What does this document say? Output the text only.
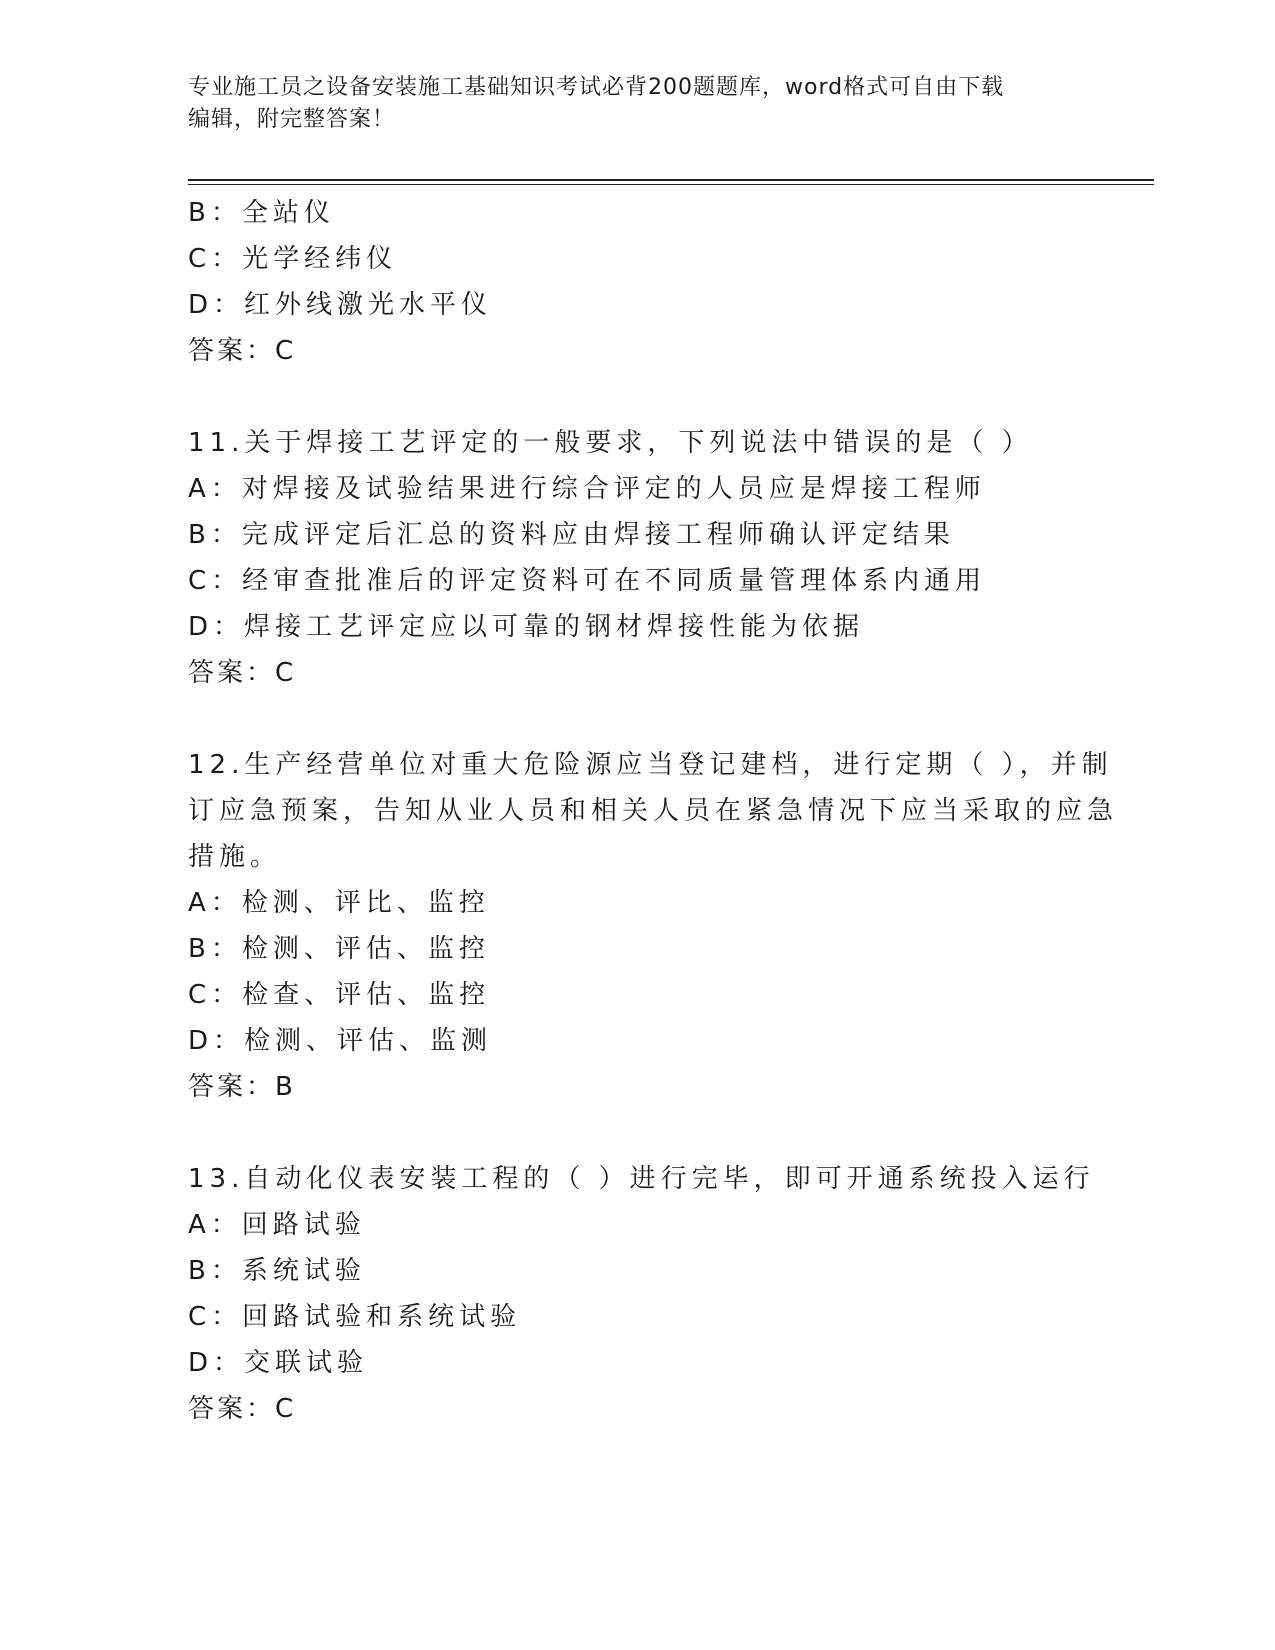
专业施工员之设备安装施工基础知识考试必背200题题库，word格式可自由下载
编辑，附完整答案！
B：全站仪
C：光学经纬仪
D：红外线激光水平仪
答案：C
11.关于焊接工艺评定的一般要求，下列说法中错误的是（ ）
A：对焊接及试验结果进行综合评定的人员应是焊接工程师
B：完成评定后汇总的资料应由焊接工程师确认评定结果
C：经审查批准后的评定资料可在不同质量管理体系内通用
D：焊接工艺评定应以可靠的钢材焊接性能为依据
答案：C
12.生产经营单位对重大危险源应当登记建档，进行定期（ ），并制
订应急预案，告知从业人员和相关人员在紧急情况下应当采取的应急
措施。
A：检测、评比、监控
B：检测、评估、监控
C：检查、评估、监控
D：检测、评估、监测
答案：B
13.自动化仪表安装工程的（ ）进行完毕，即可开通系统投入运行
A：回路试验
B：系统试验
C：回路试验和系统试验
D：交联试验
答案：C
